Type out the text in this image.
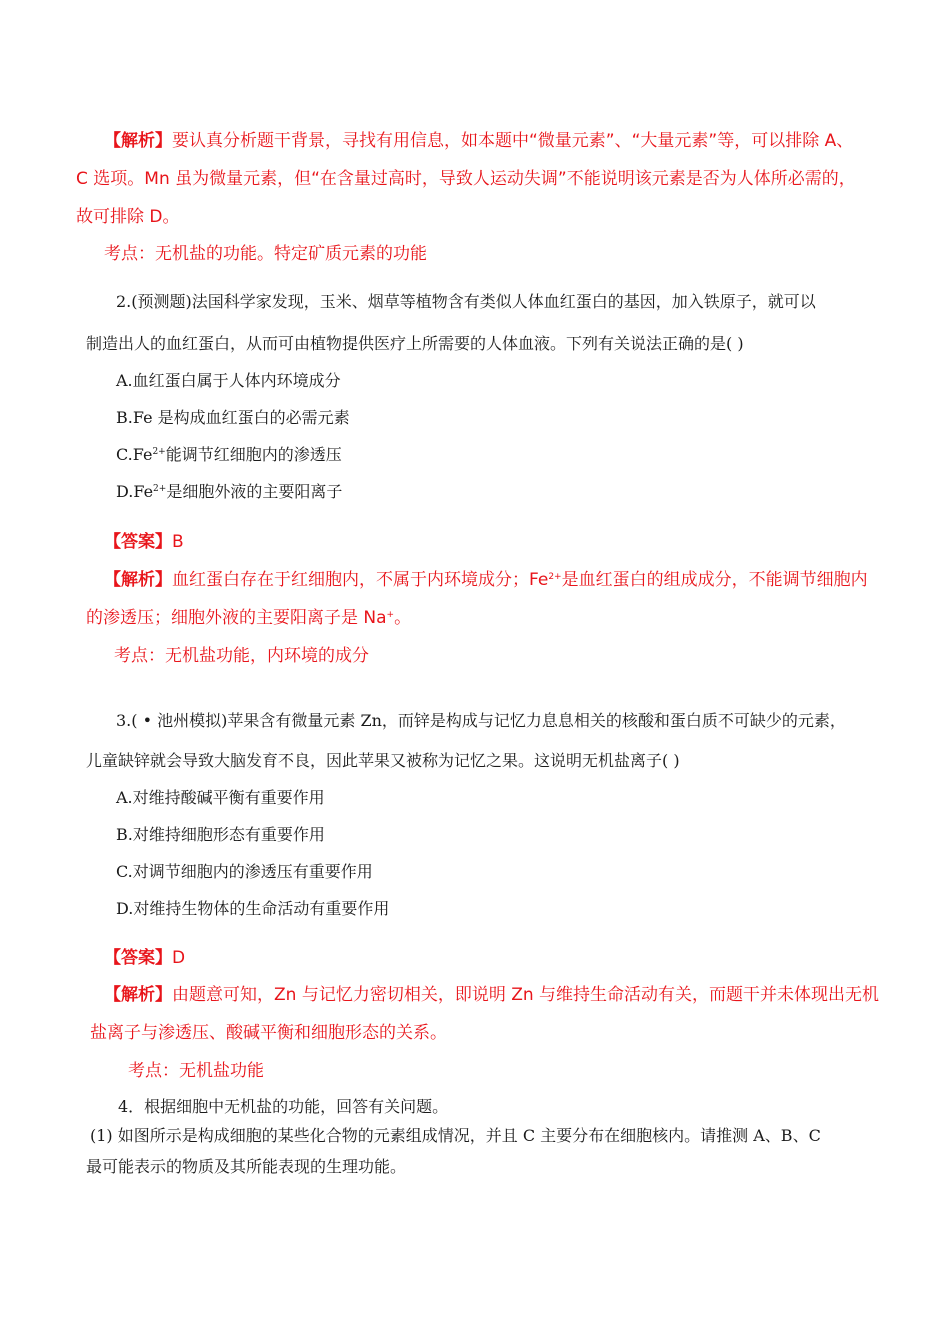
【解析】要认真分析题干背景，寻找有用信息，如本题中“微量元素”、“大量元素”等，可以排除 A、
C 选项。Mn 虽为微量元素，但“在含量过高时，导致人运动失调”不能说明该元素是否为人体所必需的，
故可排除 D。
考点：无机盐的功能。特定矿质元素的功能
2.(预测题)法国科学家发现，玉米、烟草等植物含有类似人体血红蛋白的基因，加入铁原子，就可以
制造出人的血红蛋白，从而可由植物提供医疗上所需要的人体血液。下列有关说法正确的是( )
A.血红蛋白属于人体内环境成分
B.Fe 是构成血红蛋白的必需元素
$C.Fe^{2+}$能调节红细胞内的渗透压
$D.Fe^{2+}$是细胞外液的主要阳离子
【答案】B
【解析】血红蛋白存在于红细胞内，不属于内环境成分；$Fe^{2+}$是血红蛋白的组成成分，不能调节细胞内
的渗透压；细胞外液的主要阳离子是 Na+。
考点：无机盐功能，内环境的成分
3.( • 池州模拟)苹果含有微量元素 Zn，而锌是构成与记忆力息息相关的核酸和蛋白质不可缺少的元素，
儿童缺锌就会导致大脑发育不良，因此苹果又被称为记忆之果。这说明无机盐离子( )
A.对维持酸碱平衡有重要作用
B.对维持细胞形态有重要作用
C.对调节细胞内的渗透压有重要作用
D.对维持生物体的生命活动有重要作用
【答案】D
【解析】由题意可知，Zn 与记忆力密切相关，即说明 Zn 与维持生命活动有关，而题干并未体现出无机
盐离子与渗透压、酸碱平衡和细胞形态的关系。
考点：无机盐功能
4．根据细胞中无机盐的功能，回答有关问题。
(1) 如图所示是构成细胞的某些化合物的元素组成情况，并且 C 主要分布在细胞核内。请推测 A、B、C
最可能表示的物质及其所能表现的生理功能。
